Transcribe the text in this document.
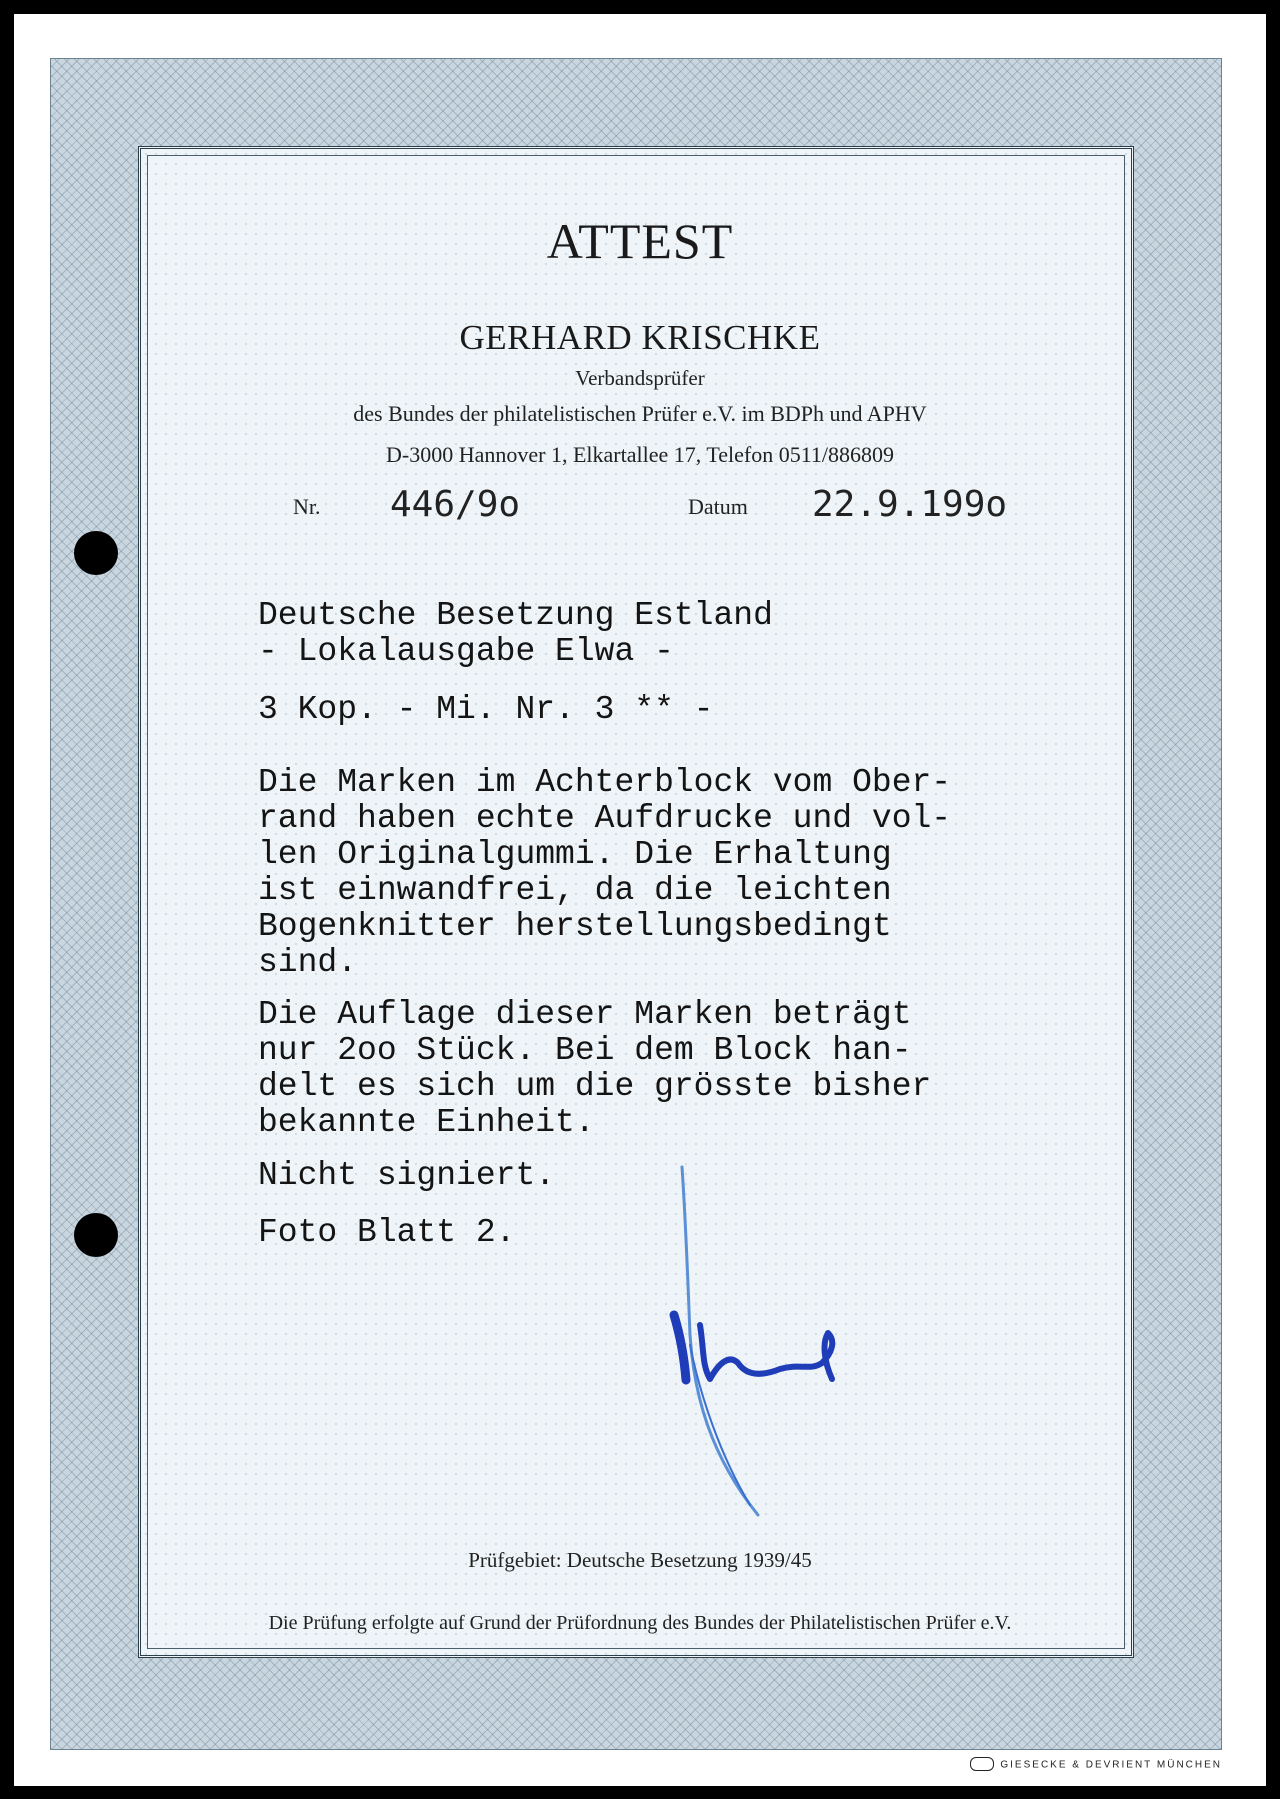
ATTEST
GERHARD KRISCHKE
Verbandsprüfer
des Bundes der philatelistischen Prüfer e.V. im BDPh und APHV
D-3000 Hannover 1, Elkartallee 17, Telefon 0511/886809
Nr. 446/9o	Datum 22.9.199o
Deutsche Besetzung Estland
- Lokalausgabe Elwa -
3 Kop. - Mi. Nr. 3 ** -
Die Marken im Achterblock vom Ober-
rand haben echte Aufdrucke und vol-
len Originalgummi. Die Erhaltung
ist einwandfrei, da die leichten
Bogenknitter herstellungsbedingt
sind.
Die Auflage dieser Marken beträgt
nur 2oo Stück. Bei dem Block han-
delt es sich um die grösste bisher
bekannte Einheit.
Nicht signiert.
Foto Blatt 2.
Prüfgebiet: Deutsche Besetzung 1939/45
Die Prüfung erfolgte auf Grund der Prüfordnung des Bundes der Philatelistischen Prüfer e.V.
GIESECKE & DEVRIENT MÜNCHEN
